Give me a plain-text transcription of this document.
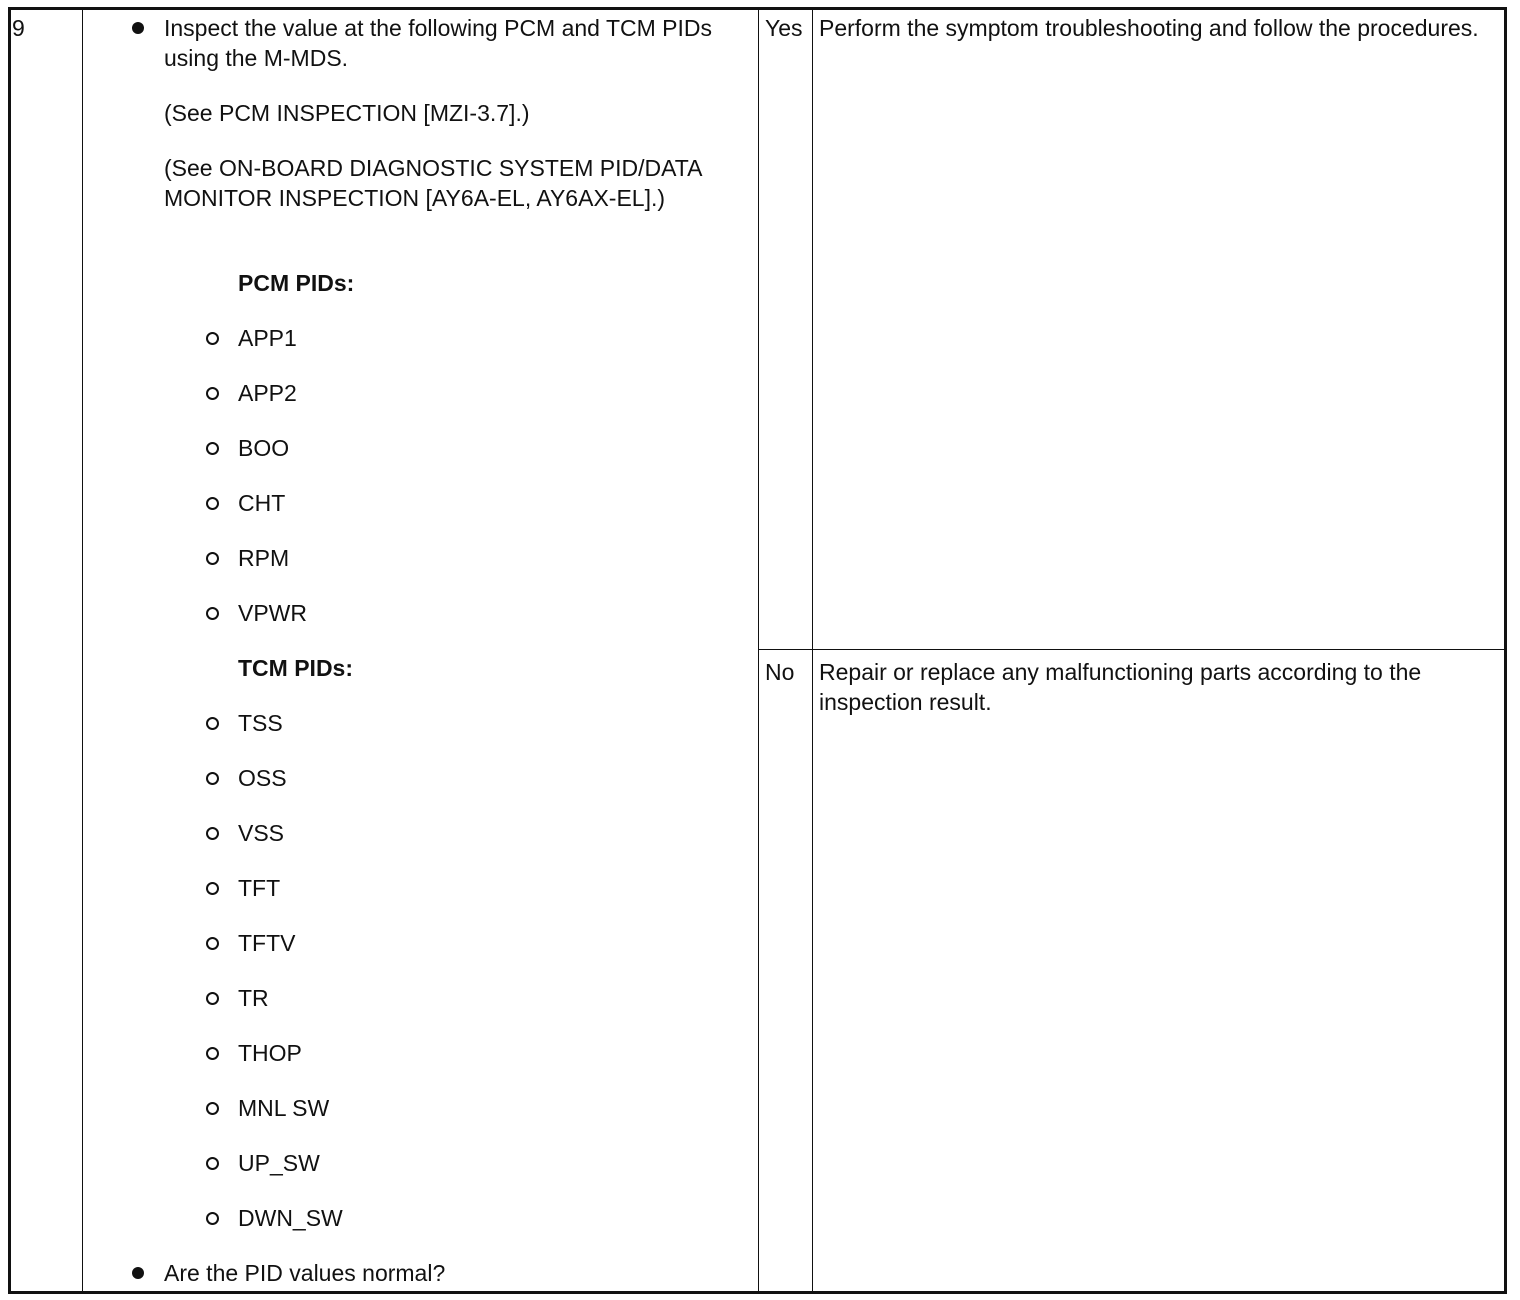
9	Inspect the value at the following PCM and TCM PIDs using the M-MDS.
(See PCM INSPECTION [MZI-3.7].)
(See ON-BOARD DIAGNOSTIC SYSTEM PID/DATA MONITOR INSPECTION [AY6A-EL, AY6AX-EL].)
PCM PIDs:
APP1
APP2
BOO
CHT
RPM
VPWR
TCM PIDs:
TSS
OSS
VSS
TFT
TFTV
TR
THOP
MNL SW
UP_SW
DWN_SW
Are the PID values normal?
Yes Perform the symptom troubleshooting and follow the procedures.
No Repair or replace any malfunctioning parts according to the inspection result.
